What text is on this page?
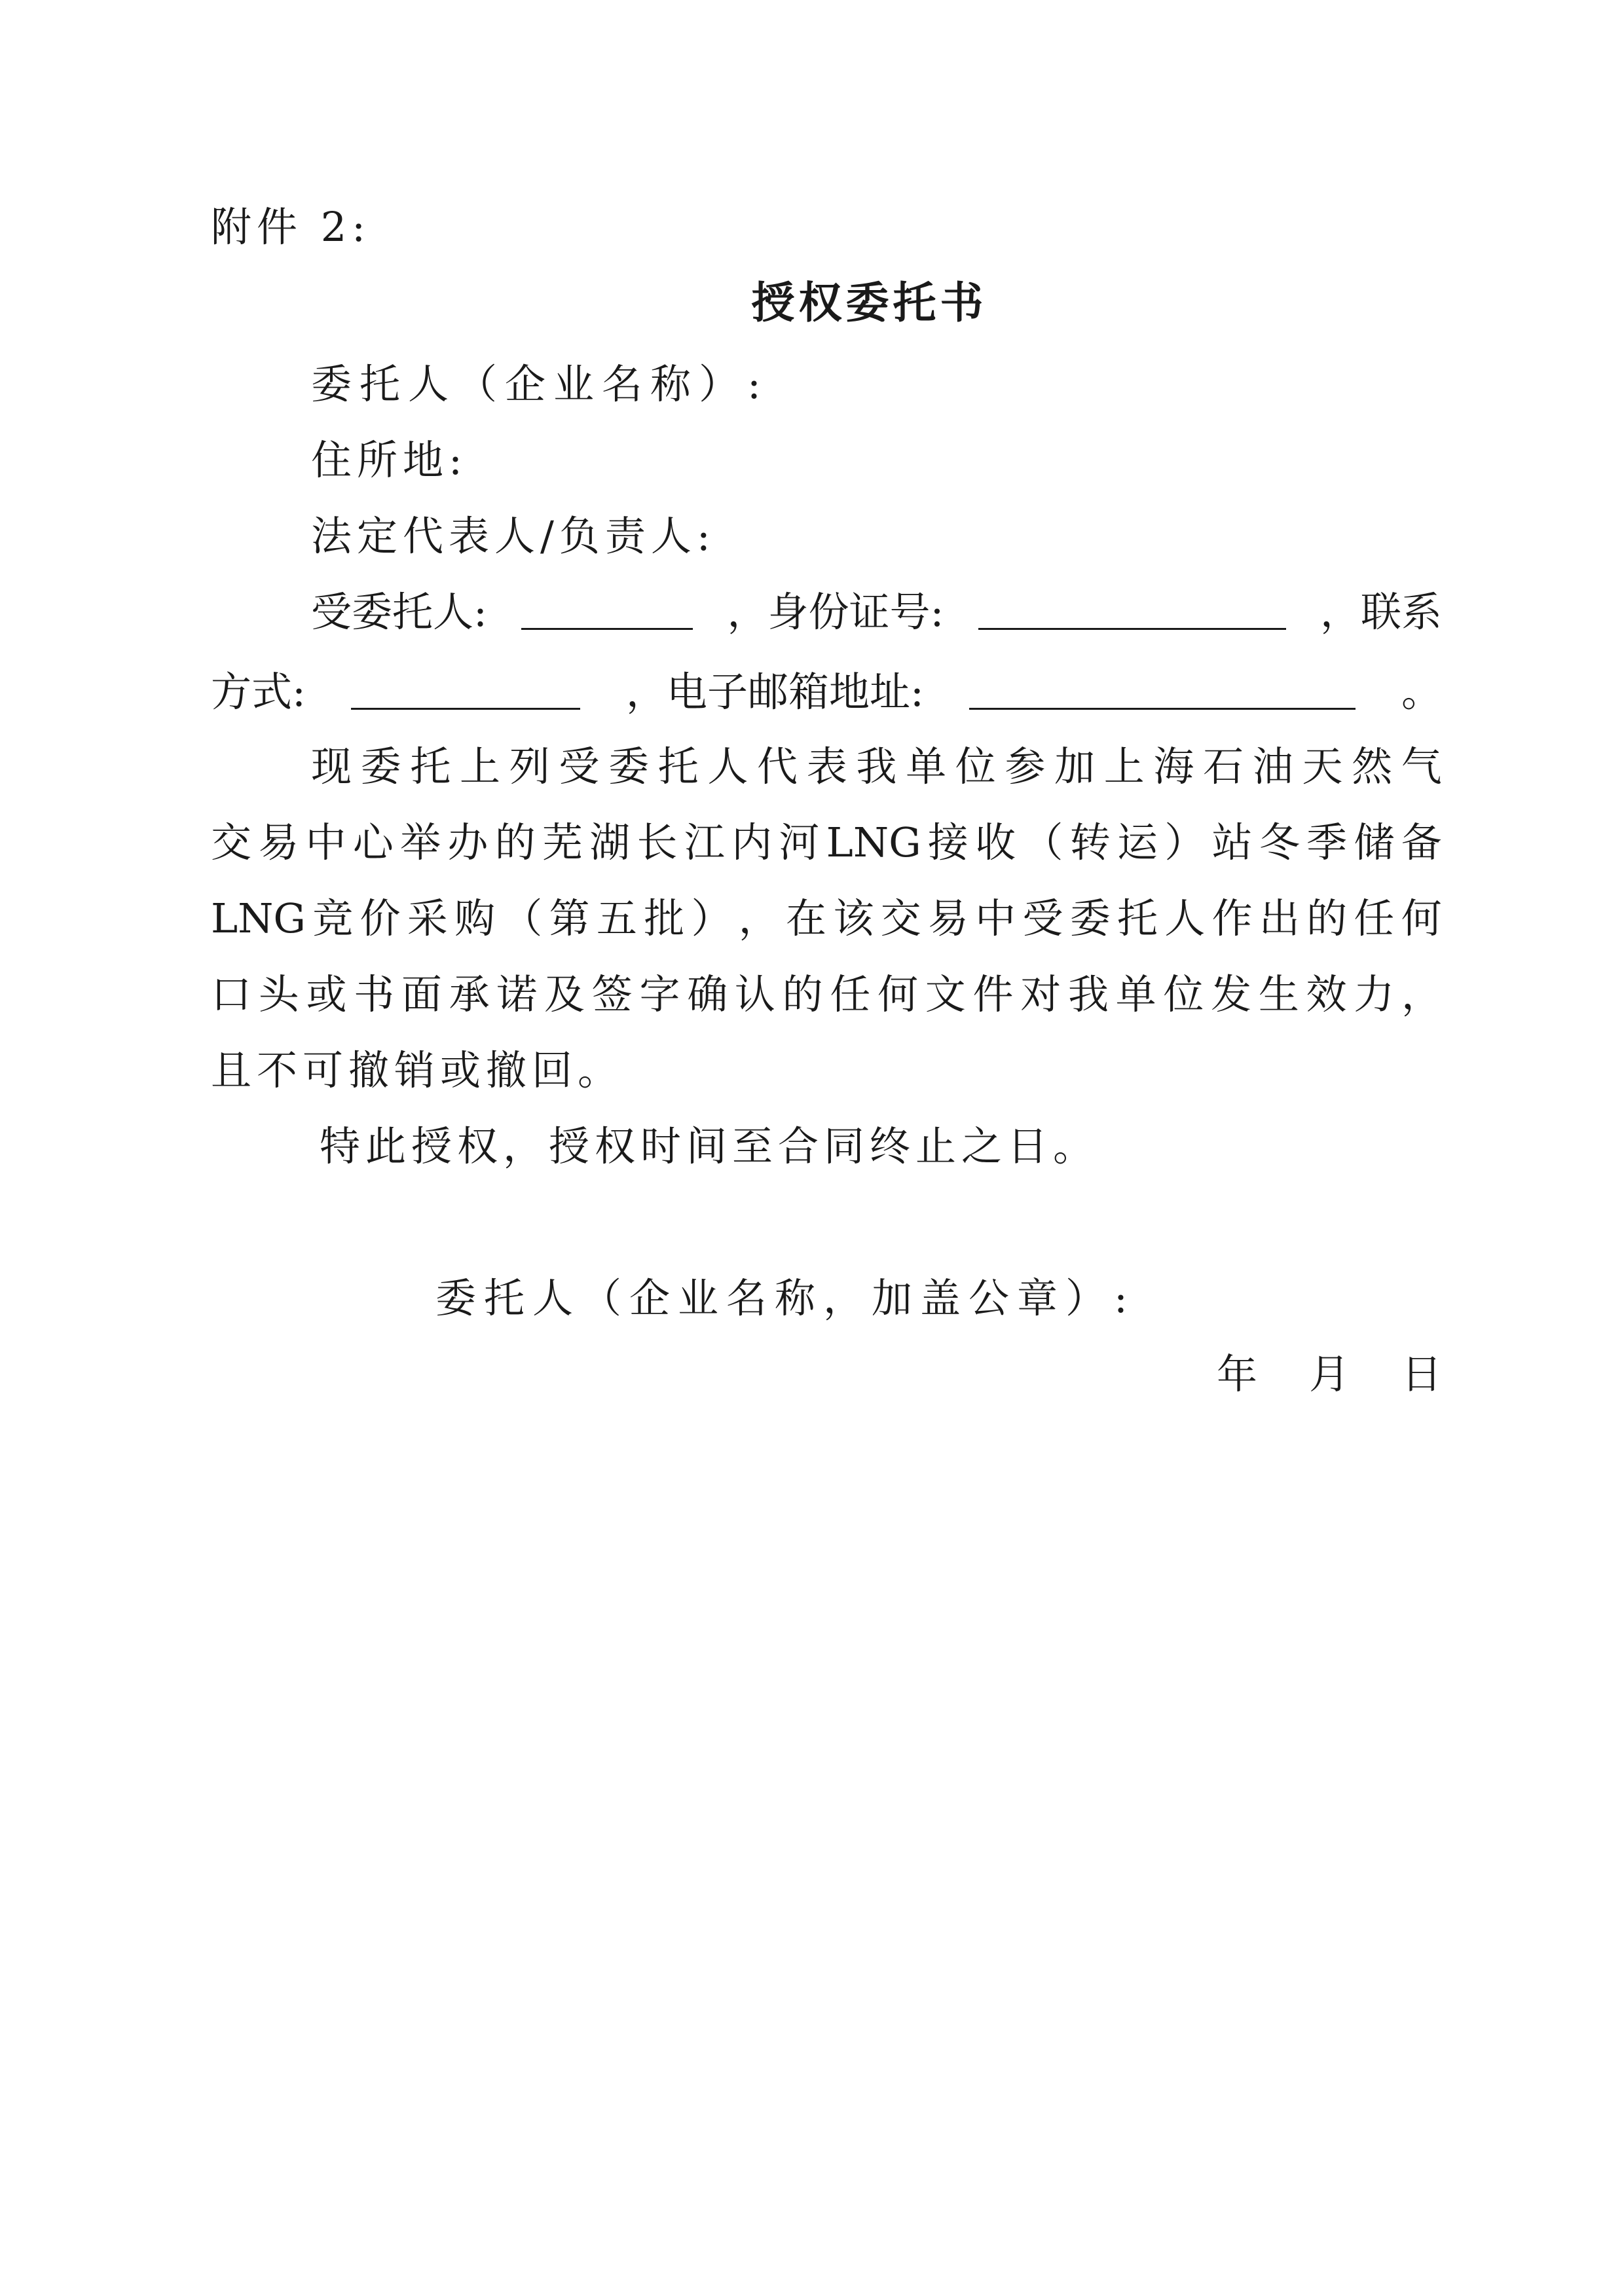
附件 2:
授权委托书
委托人（企业名称）:
住所地:
法定代表人/负责人:
受委托人:	，身份证号:	，联系
方式:	，电子邮箱地址:	。
现 委 托 上 列 受 委 托 人 代 表 我 单 位 参 加 上 海 石 油 天 然 气
交 易 中 心 举 办 的 芜 湖 长 江 内 河 LNG 接 收 （ 转 运 ） 站 冬 季 储 备
LNG 竞 价 采 购 （ 第 五 批 ） ， 在 该 交 易 中 受 委 托 人 作 出 的 任 何
口 头 或 书 面 承 诺 及 签 字 确 认 的 任 何 文 件 对 我 单 位 发 生 效 力 ，
且不可撤销或撤回。
特此授权，授权时间至合同终止之日。
委托人（企业名称，加盖公章）:
年 月 日
